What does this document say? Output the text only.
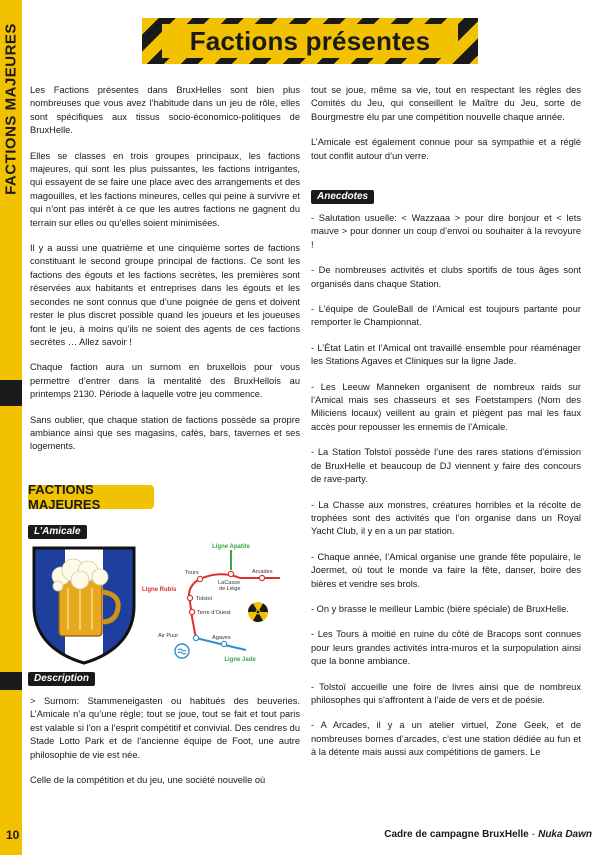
FACTIONS MAJEURES	Factions présentes

Les Factions présentes dans BruxHelles sont bien plus nombreuses que vous avez l’habitude dans un jeu de rôle, elles sont spécifiques aux tissus socio-économico-politiques de BruxHelle.

Elles se classes en trois groupes principaux, les factions majeures, qui sont les plus puissantes, les factions intrigantes, qui essayent de se faire une place avec des arrangements et des magouilles, et les factions mineures, celles qui peine à survivre et qui n’ont pas intérêt à ce que les autres factions ne gagnent du terrain sur elles ou qu’elles soient minimisées.

Il y a aussi une quatrième et une cinquième sortes de factions constituant le second groupe principal de factions. Ce sont les factions des égouts et les factions secrètes, les premières sont réservées aux habitants et entreprises dans les égouts et les secondes ne sont connus que d’une poignée de gens et doivent rester le plus discret possible quand les joueurs et les joueuses font le jeu, à moins qu’ils ne soient des agents de ces factions secrètes … Allez savoir !

Chaque faction aura un surnom en bruxellois pour vous permettre d’entrer dans la mentalité des BruxHellois au printemps 2130. Période à laquelle votre jeu commence.

Sans oublier, que chaque station de factions possède sa propre ambiance ainsi que ses magasins, cafés, bars, tavernes et ses logements.

FACTIONS MAJEURES
L’Amicale
Ligne Apatite
Ligne Rubis
Ligne Jade
Tours
LaCasse
de Liège
Arcades
Tolstoï
Terre d’Ouest
Air Puur	Agaves
Description

> Surnom: Stammeneigasten ou habitués des beuveries. L’Amicale n’a qu’une règle; tout se joue, tout se fait et tout paris est valable si l’on a l’esprit compétitif et convivial. Des cendres du Stade Lotto Park et de l’ancienne équipe de Foot, une autre philosophie de vie est née.

Celle de la compétition et du jeu, une société nouvelle où

tout se joue, même sa vie, tout en respectant les règles des Comités du Jeu, qui conseillent le Maître du Jeu, sorte de Bourgmestre élu par une compétition nouvelle chaque année.

L’Amicale est également connue pour sa sympathie et a réglé tout conflit autour d’un verre.

Anecdotes

- Salutation usuelle: < Wazzaaa > pour dire bonjour et < lets mauve > pour donner un coup d’envoi ou souhaiter à la revoyure !

- De nombreuses activités et clubs sportifs de tous âges sont organisés dans chaque Station.

- L’équipe de GouleBall de l’Amical est toujours partante pour remporter le Championnat.

- L’État Latin et l’Amical ont travaillé ensemble pour réaménager les Stations Agaves et Cliniques sur la ligne Jade.

- Les Leeuw Manneken organisent de nombreux raids sur l’Amical mais ses chasseurs et ses Foetstampers (Nom des Miliciens locaux) veillent au grain et piègent pas mal les faux accès pour repousser les ennemis de l’Amicale.

- La Station Tolstoï possède l’une des rares stations d’émission de BruxHelle et beaucoup de DJ viennent y faire des concours de rave-party.

- La Chasse aux monstres, créatures horribles et la récolte de trophées sont des activités que l’on organise dans un Royal Yacht Club, il y en a un par station.

- Chaque année, l’Amical organise une grande fête populaire, le Joermet, où tout le monde va faire la fête, danser, boire des bières et vendre ses brols.

- On y brasse le meilleur Lambic (bière spéciale) de BruxHelle.

- Les Tours à moitié en ruine du côté de Bracops sont connues pour leurs grandes activités intra-muros et la surpopulation ainsi que la bonne ambiance.

- Tolstoï accueille une foire de livres ainsi que de nombreux philosophes qui s’affrontent à l’aide de vers et de poésie.

- A Arcades, il y a un atelier virtuel, Zone Geek, et de nombreuses bornes d’arcades, c’est une station dédiée au fun et à la détente mais aussi aux compétitions de gamers. Le

10	Cadre de campagne BruxHelle - Nuka Dawn
